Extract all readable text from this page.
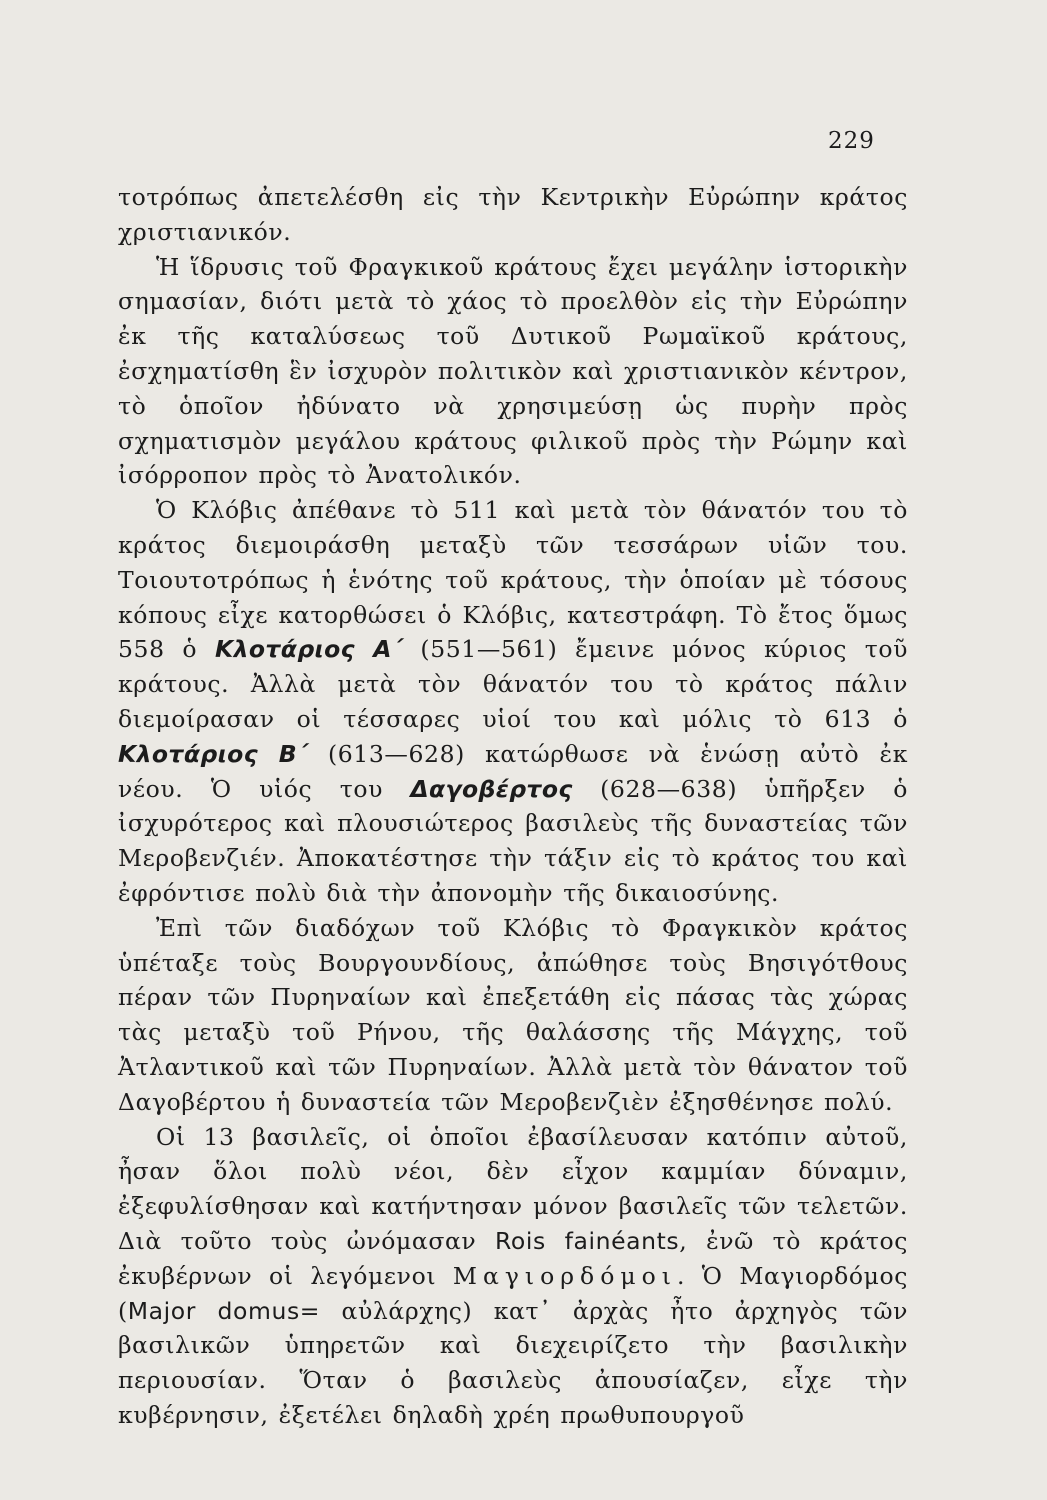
229

τοτρόπως ἀπετελέσθη εἰς τὴν Κεντρικὴν Εὐρώπην κράτος χριστιανικόν.

Ἡ ἵδρυσις τοῦ Φραγκικοῦ κράτους ἔχει μεγάλην ἱστορικὴν σημασίαν, διότι μετὰ τὸ χάος τὸ προελθὸν εἰς τὴν Εὐρώπην ἐκ τῆς καταλύσεως τοῦ Δυτικοῦ Ρωμαϊκοῦ κράτους, ἐσχηματίσθη ἓν ἰσχυρὸν πολιτικὸν καὶ χριστιανικὸν κέντρον, τὸ ὁποῖον ἠδύνατο νὰ χρησιμεύσῃ ὡς πυρὴν πρὸς σχηματισμὸν μεγάλου κράτους φιλικοῦ πρὸς τὴν Ρώμην καὶ ἰσόρροπον πρὸς τὸ Ἀνατολικόν.

Ὁ Κλόβις ἀπέθανε τὸ 511 καὶ μετὰ τὸν θάνατόν του τὸ κράτος διεμοιράσθη μεταξὺ τῶν τεσσάρων υἱῶν του. Τοιουτοτρόπως ἡ ἑνότης τοῦ κράτους, τὴν ὁποίαν μὲ τόσους κόπους εἶχε κατορθώσει ὁ Κλόβις, κατεστράφη. Τὸ ἔτος ὅμως 558 ὁ Κλοτάριος Α΄ (551—561) ἔμεινε μόνος κύριος τοῦ κράτους. Ἀλλὰ μετὰ τὸν θάνατόν του τὸ κράτος πάλιν διεμοίρασαν οἱ τέσσαρες υἱοί του καὶ μόλις τὸ 613 ὁ Κλοτάριος Β΄ (613—628) κατώρθωσε νὰ ἑνώσῃ αὐτὸ ἐκ νέου. Ὁ υἱός του Δαγοβέρτος (628—638) ὑπῆρξεν ὁ ἰσχυρότερος καὶ πλουσιώτερος βασιλεὺς τῆς δυναστείας τῶν Μεροβενζιέν. Ἀποκατέστησε τὴν τάξιν εἰς τὸ κράτος του καὶ ἐφρόντισε πολὺ διὰ τὴν ἀπονομὴν τῆς δικαιοσύνης.

Ἐπὶ τῶν διαδόχων τοῦ Κλόβις τὸ Φραγκικὸν κράτος ὑπέταξε τοὺς Βουργουνδίους, ἀπώθησε τοὺς Βησιγότθους πέραν τῶν Πυρηναίων καὶ ἐπεξετάθη εἰς πάσας τὰς χώρας τὰς μεταξὺ τοῦ Ρήνου, τῆς θαλάσσης τῆς Μάγχης, τοῦ Ἀτλαντικοῦ καὶ τῶν Πυρηναίων. Ἀλλὰ μετὰ τὸν θάνατον τοῦ Δαγοβέρτου ἡ δυναστεία τῶν Μεροβενζιὲν ἐξησθένησε πολύ.

Οἱ 13 βασιλεῖς, οἱ ὁποῖοι ἐβασίλευσαν κατόπιν αὐτοῦ, ἦσαν ὅλοι πολὺ νέοι, δὲν εἶχον καμμίαν δύναμιν, ἐξεφυλίσθησαν καὶ κατήντησαν μόνον βασιλεῖς τῶν τελετῶν. Διὰ τοῦτο τοὺς ὠνόμασαν Rois fainéants, ἐνῶ τὸ κράτος ἐκυβέρνων οἱ λεγόμενοι Μαγιορδόμοι. Ὁ Μαγιορδόμος (Major domus= αὐλάρχης) κατ᾽ ἀρχὰς ἦτο ἀρχηγὸς τῶν βασιλικῶν ὑπηρετῶν καὶ διεχειρίζετο τὴν βασιλικὴν περιουσίαν. Ὅταν ὁ βασιλεὺς ἀπουσίαζεν, εἶχε τὴν κυβέρνησιν, ἐξετέλει δηλαδὴ χρέη πρωθυπουργοῦ
